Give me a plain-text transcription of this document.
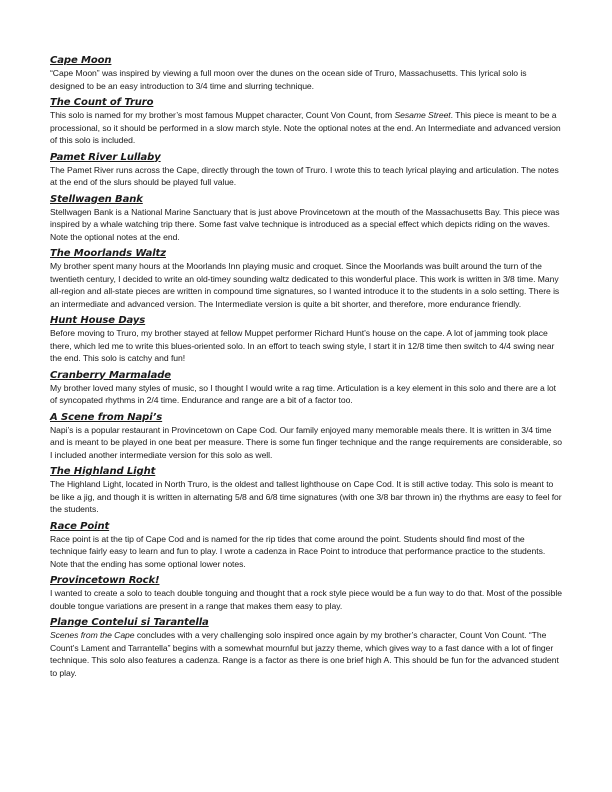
Cape Moon

“Cape Moon” was inspired by viewing a full moon over the dunes on the ocean side of Truro, Massachusetts. This lyrical solo is designed to be an easy introduction to 3/4 time and slurring technique.

The Count of Truro

This solo is named for my brother’s most famous Muppet character, Count Von Count, from Sesame Street. This piece is meant to be a processional, so it should be performed in a slow march style. Note the optional notes at the end. An Intermediate and advanced version of this solo is included.

Pamet River Lullaby

The Pamet River runs across the Cape, directly through the town of Truro. I wrote this to teach lyrical playing and articulation. The notes at the end of the slurs should be played full value.

Stellwagen Bank

Stellwagen Bank is a National Marine Sanctuary that is just above Provincetown at the mouth of the Massachusetts Bay. This piece was inspired by a whale watching trip there. Some fast valve technique is introduced as a special effect which depicts riding on the waves. Note the optional notes at the end.

The Moorlands Waltz

My brother spent many hours at the Moorlands Inn playing music and croquet. Since the Moorlands was built around the turn of the twentieth century, I decided to write an old-timey sounding waltz dedicated to this wonderful place. This work is written in 3/8 time. Many all-region and all-state pieces are written in compound time signatures, so I wanted introduce it to the students in a solo setting. There is an intermediate and advanced version. The Intermediate version is quite a bit shorter, and therefore, more endurance friendly.

Hunt House Days

Before moving to Truro, my brother stayed at fellow Muppet performer Richard Hunt’s house on the cape. A lot of jamming took place there, which led me to write this blues-oriented solo. In an effort to teach swing style, I start it in 12/8 time then switch to 4/4 swing near the end. This solo is catchy and fun!

Cranberry Marmalade

My brother loved many styles of music, so I thought I would write a rag time. Articulation is a key element in this solo and there are a lot of syncopated rhythms in 2/4 time. Endurance and range are a bit of a factor too.

A Scene from Napi’s

Napi’s is a popular restaurant in Provincetown on Cape Cod. Our family enjoyed many memorable meals there. It is written in 3/4 time and is meant to be played in one beat per measure. There is some fun finger technique and the range requirements are considerable, so I included another intermediate version for this solo as well.

The Highland Light

The Highland Light, located in North Truro, is the oldest and tallest lighthouse on Cape Cod. It is still active today. This solo is meant to be like a jig, and though it is written in alternating 5/8 and 6/8 time signatures (with one 3/8 bar thrown in) the rhythms are easy to feel for the students.

Race Point

Race point is at the tip of Cape Cod and is named for the rip tides that come around the point. Students should find most of the technique fairly easy to learn and fun to play. I wrote a cadenza in Race Point to introduce that performance practice to the students. Note that the ending has some optional lower notes.

Provincetown Rock!

I wanted to create a solo to teach double tonguing and thought that a rock style piece would be a fun way to do that. Most of the possible double tongue variations are present in a range that makes them easy to play.

Plange Contelui si Tarantella

Scenes from the Cape concludes with a very challenging solo inspired once again by my brother’s character, Count Von Count. “The Count’s Lament and Tarrantella” begins with a somewhat mournful but jazzy theme, which gives way to a fast dance with a lot of finger technique. This solo also features a cadenza. Range is a factor as there is one brief high A. This should be fun for the advanced student to play.
